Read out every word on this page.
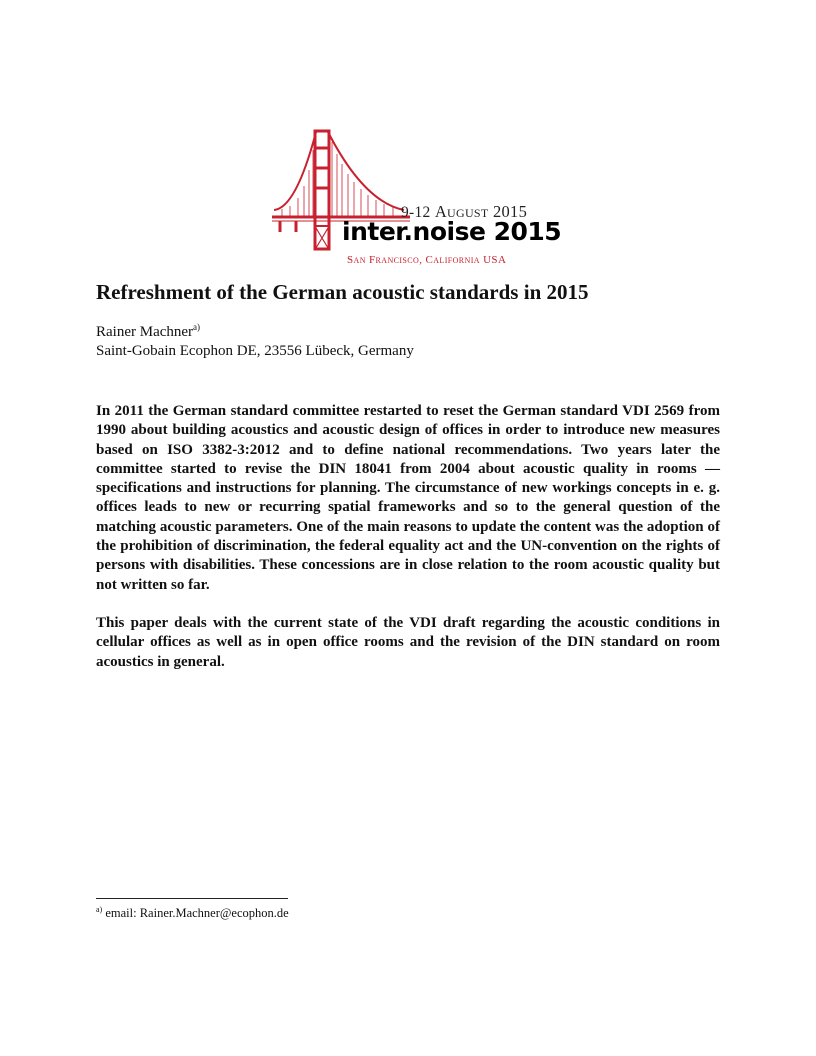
9-12 August 2015
inter.noise 2015
San Francisco, California USA
Refreshment of the German acoustic standards in 2015
Rainer Machner$^{a)}$
Saint-Gobain Ecophon DE, 23556 Lübeck, Germany

In 2011 the German standard committee restarted to reset the German standard VDI 2569 from 1990 about building acoustics and acoustic design of offices in order to introduce new measures based on ISO 3382-3:2012 and to define national recommendations. Two years later the committee started to revise the DIN 18041 from 2004 about acoustic quality in rooms — specifications and instructions for planning. The circumstance of new workings concepts in e. g. offices leads to new or recurring spatial frameworks and so to the general question of the matching acoustic parameters. One of the main reasons to update the content was the adoption of the prohibition of discrimination, the federal equality act and the UN-convention on the rights of persons with disabilities. These concessions are in close relation to the room acoustic quality but not written so far.

This paper deals with the current state of the VDI draft regarding the acoustic conditions in cellular offices as well as in open office rooms and the revision of the DIN standard on room acoustics in general.

$^{a)}$ email: Rainer.Machner@ecophon.de
